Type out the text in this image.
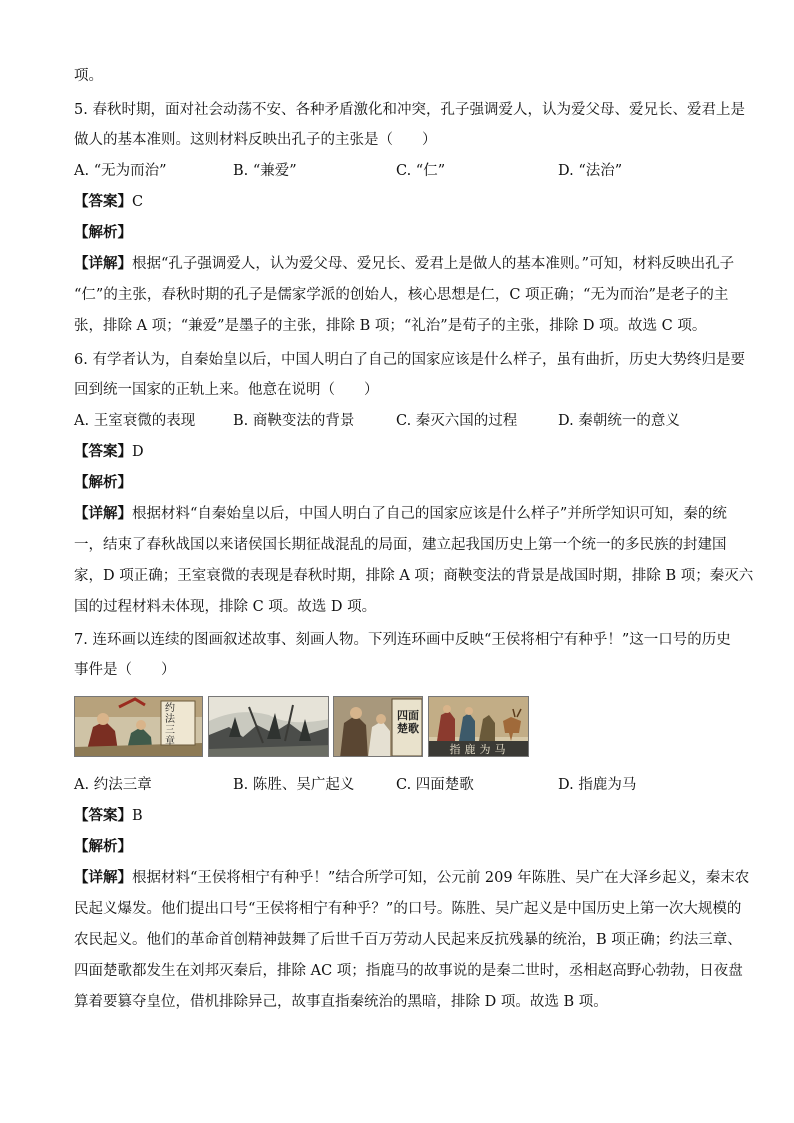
项。
5. 春秋时期，面对社会动荡不安、各种矛盾激化和冲突，孔子强调爱人，认为爱父母、爱兄长、爱君上是
做人的基本准则。这则材料反映出孔子的主张是（　　）
A. “无为而治”	B. “兼爱”	C. “仁”	D. “法治”
【答案】C
【解析】
【详解】根据“孔子强调爱人，认为爱父母、爱兄长、爱君上是做人的基本准则。”可知，材料反映出孔子
“仁”的主张，春秋时期的孔子是儒家学派的创始人，核心思想是仁，C 项正确；“无为而治”是老子的主
张，排除 A 项；“兼爱”是墨子的主张，排除 B 项；“礼治”是荀子的主张，排除 D 项。故选 C 项。
6. 有学者认为，自秦始皇以后，中国人明白了自己的国家应该是什么样子，虽有曲折，历史大势终归是要
回到统一国家的正轨上来。他意在说明（　　）
A. 王室衰微的表现	B. 商鞅变法的背景	C. 秦灭六国的过程	D. 秦朝统一的意义
【答案】D
【解析】
【详解】根据材料“自秦始皇以后，中国人明白了自己的国家应该是什么样子”并所学知识可知，秦的统
一，结束了春秋战国以来诸侯国长期征战混乱的局面，建立起我国历史上第一个统一的多民族的封建国
家，D 项正确；王室衰微的表现是春秋时期，排除 A 项；商鞅变法的背景是战国时期，排除 B 项；秦灭六
国的过程材料未体现，排除 C 项。故选 D 项。
7. 连环画以连续的图画叙述故事、刻画人物。下列连环画中反映“王侯将相宁有种乎！”这一口号的历史
事件是（　　）
约法三章
四面楚歌
指鹿为马
A. 约法三章	B. 陈胜、吴广起义	C. 四面楚歌	D. 指鹿为马
【答案】B
【解析】
【详解】根据材料“王侯将相宁有种乎！”结合所学可知，公元前 209 年陈胜、吴广在大泽乡起义，秦末农
民起义爆发。他们提出口号“王侯将相宁有种乎？”的口号。陈胜、吴广起义是中国历史上第一次大规模的
农民起义。他们的革命首创精神鼓舞了后世千百万劳动人民起来反抗残暴的统治，B 项正确；约法三章、
四面楚歌都发生在刘邦灭秦后，排除 AC 项；指鹿马的故事说的是秦二世时，丞相赵高野心勃勃，日夜盘
算着要篡夺皇位，借机排除异己，故事直指秦统治的黑暗，排除 D 项。故选 B 项。
